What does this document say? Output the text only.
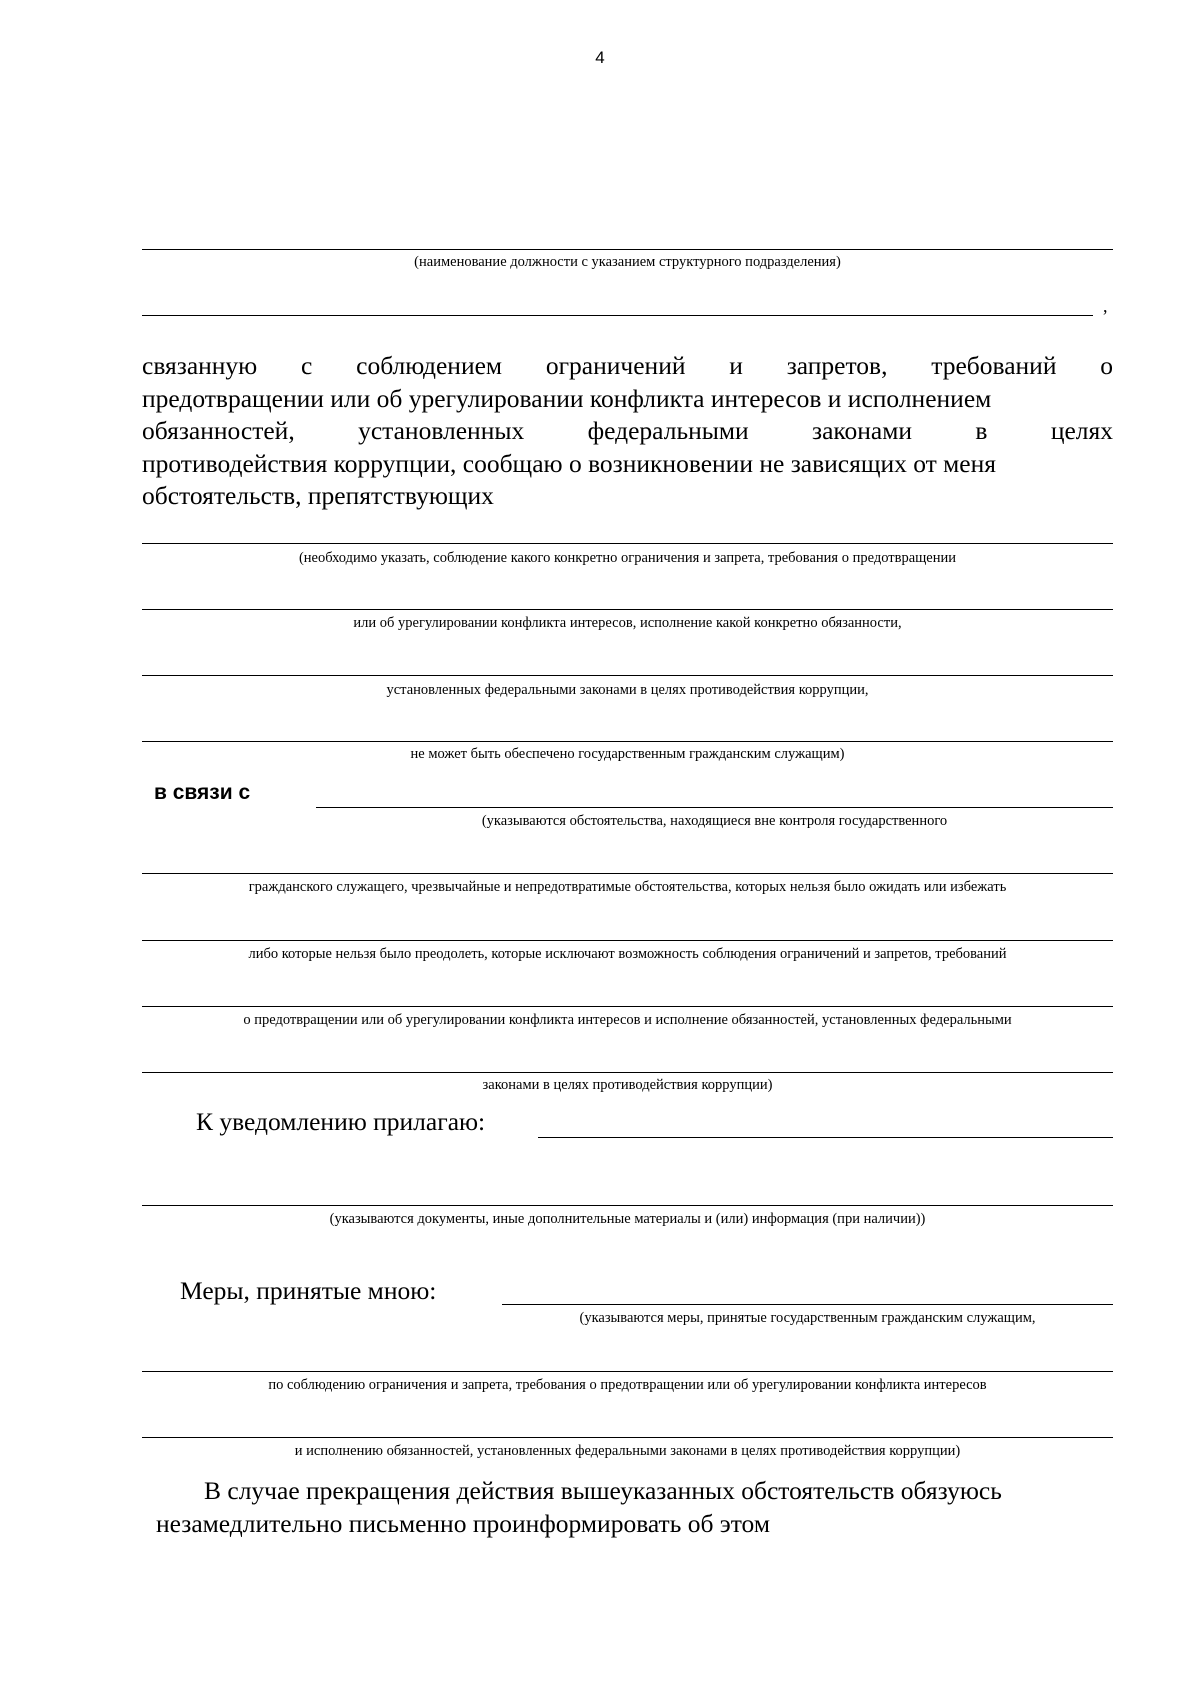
4
(наименование должности с указанием структурного подразделения)
,
связанную с соблюдением ограничений и запретов, требований о
предотвращении или об урегулировании конфликта интересов и исполнением
обязанностей, установленных федеральными законами в целях
противодействия коррупции, сообщаю о возникновении не зависящих от меня
обстоятельств, препятствующих
(необходимо указать, соблюдение какого конкретно ограничения и запрета, требования о предотвращении
или об урегулировании конфликта интересов, исполнение какой конкретно обязанности,
установленных федеральными законами в целях противодействия коррупции,
не может быть обеспечено государственным гражданским служащим)
в связи с
(указываются обстоятельства, находящиеся вне контроля государственного
гражданского служащего, чрезвычайные и непредотвратимые обстоятельства, которых нельзя было ожидать или избежать
либо которые нельзя было преодолеть, которые исключают возможность соблюдения ограничений и запретов, требований
о предотвращении или об урегулировании конфликта интересов и исполнение обязанностей, установленных федеральными
законами в целях противодействия коррупции)
К уведомлению прилагаю:
(указываются документы, иные дополнительные материалы и (или) информация (при наличии))
Меры, принятые мною:
(указываются меры, принятые государственным гражданским служащим,
по соблюдению ограничения и запрета, требования о предотвращении или об урегулировании конфликта интересов
и исполнению обязанностей, установленных федеральными законами в целях противодействия коррупции)
В случае прекращения действия вышеуказанных обстоятельств обязуюсь
незамедлительно письменно проинформировать об этом
